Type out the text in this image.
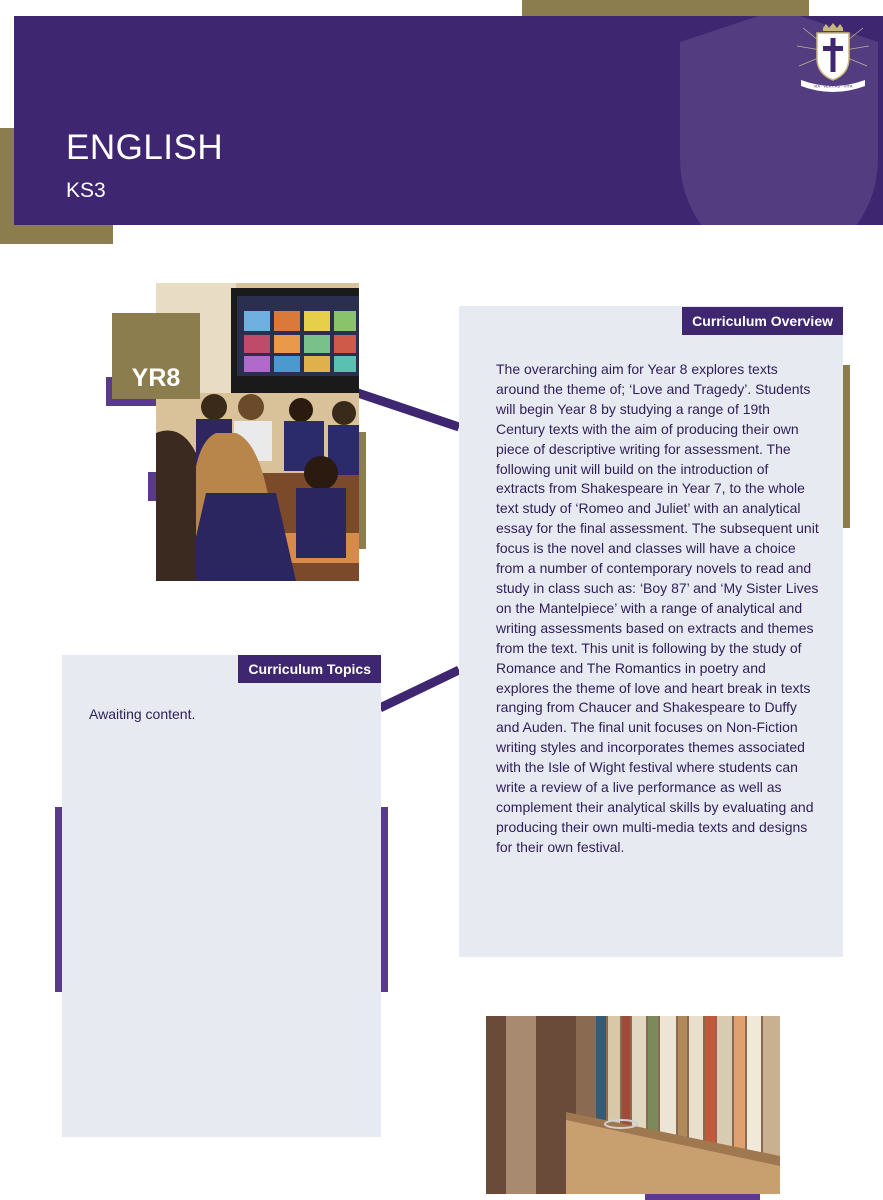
ENGLISH
KS3
VIA · VERITAS · VITA
YR8
Curriculum Overview
The overarching aim for Year 8 explores texts around the theme of; ‘Love and Tragedy’. Students will begin Year 8 by studying a range of 19th Century texts with the aim of producing their own piece of descriptive writing for assessment. The following unit will build on the introduction of extracts from Shakespeare in Year 7, to the whole text study of ‘Romeo and Juliet’ with an analytical essay for the final assessment. The subsequent unit focus is the novel and classes will have a choice from a number of contemporary novels to read and study in class such as: ‘Boy 87’ and ‘My Sister Lives on the Mantelpiece’ with a range of analytical and writing assessments based on extracts and themes from the text. This unit is following by the study of Romance and The Romantics in poetry and explores the theme of love and heart break in texts ranging from Chaucer and Shakespeare to Duffy and Auden. The final unit focuses on Non-Fiction writing styles and incorporates themes associated with the Isle of Wight festival where students can write a review of a live performance as well as complement their analytical skills by evaluating and producing their own multi-media texts and designs for their own festival.
Curriculum Topics
Awaiting content.
